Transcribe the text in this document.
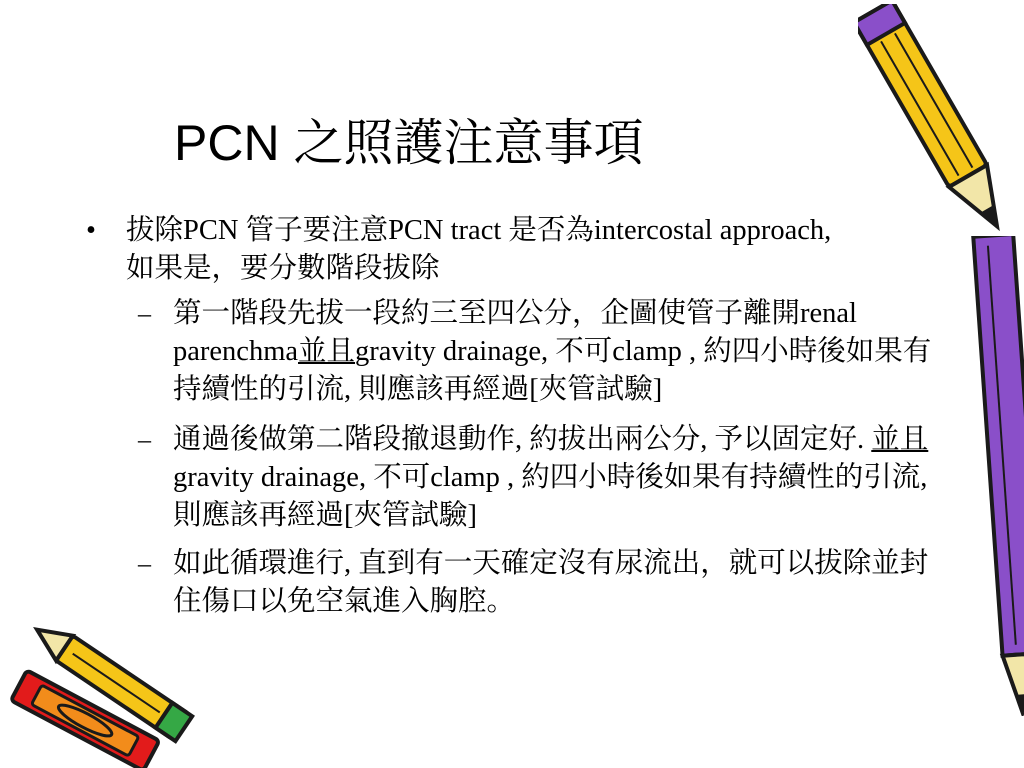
PCN 之照護注意事項
•	拔除PCN 管子要注意PCN tract 是否為intercostal approach, 如果是，要分數階段拔除
– 第一階段先拔一段約三至四公分，企圖使管子離開renal parenchma並且gravity drainage, 不可clamp , 約四小時後如果有持續性的引流, 則應該再經過[夾管試驗]
– 通過後做第二階段撤退動作, 約拔出兩公分, 予以固定好. 並且gravity drainage, 不可clamp , 約四小時後如果有持續性的引流, 則應該再經過[夾管試驗]
– 如此循環進行, 直到有一天確定沒有尿流出，就可以拔除並封住傷口以免空氣進入胸腔。
